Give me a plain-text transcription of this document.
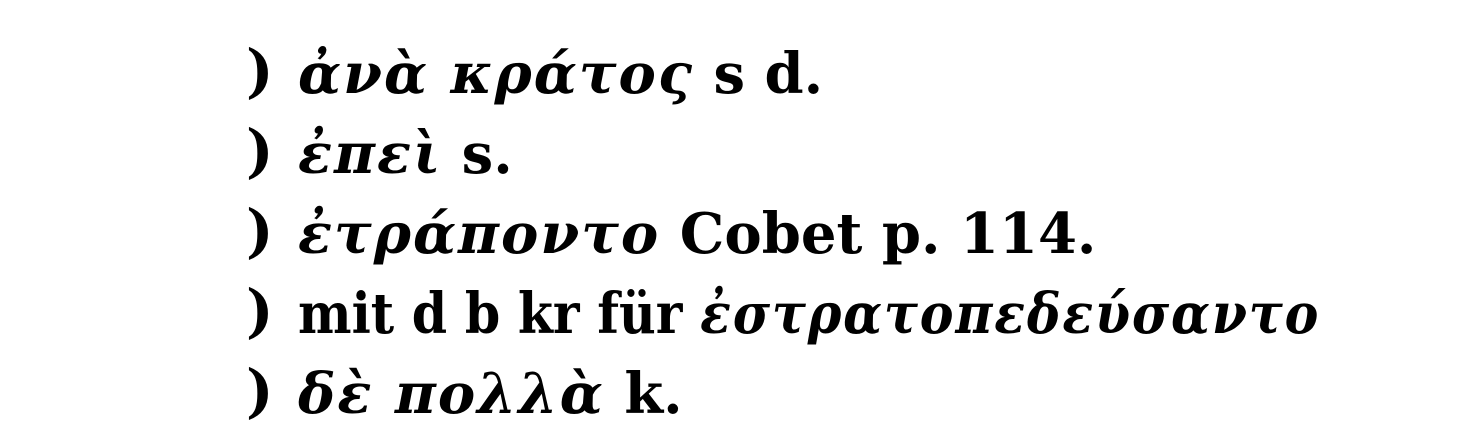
) ἀνὰ κράτος s d.
) ἐπεὶ s.
) ἐτράποντο Cobet p. 114.
) mit d b kr für ἐστρατοπεδεύσαντο
) δὲ πολλὰ k.
